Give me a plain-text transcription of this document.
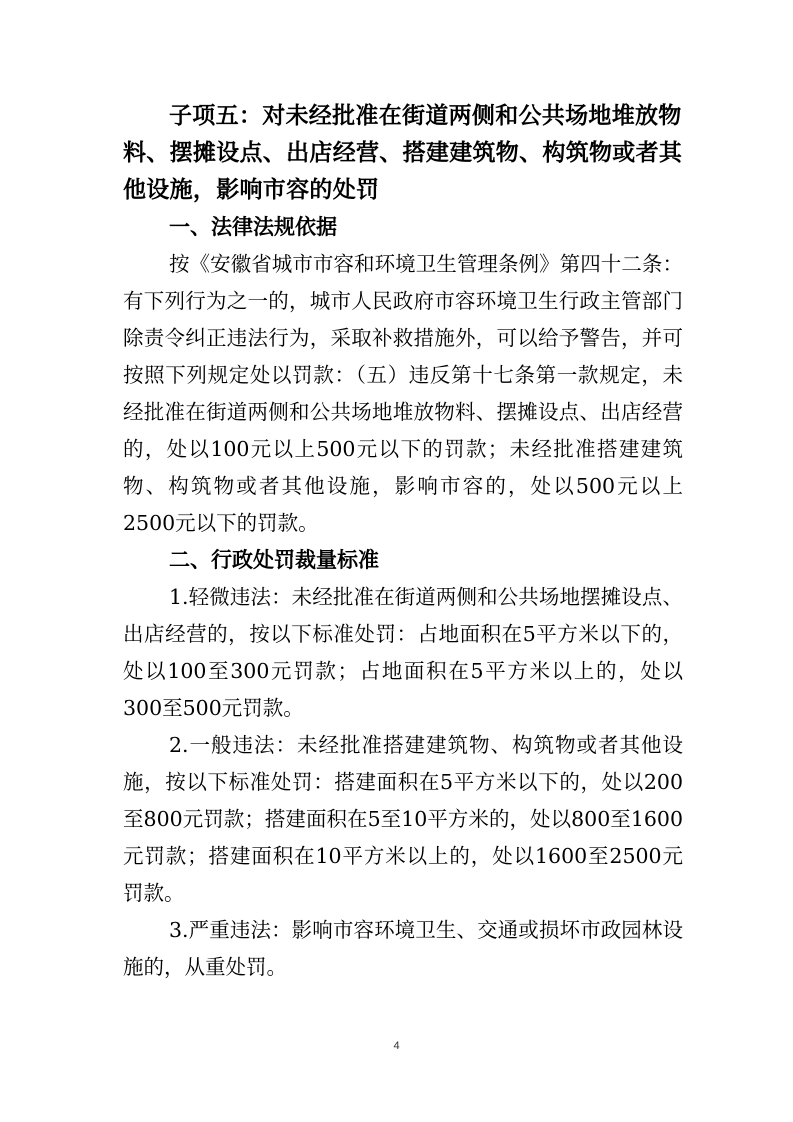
子项五：对未经批准在街道两侧和公共场地堆放物料、摆摊设点、出店经营、搭建建筑物、构筑物或者其他设施，影响市容的处罚

一、法律法规依据

按《安徽省城市市容和环境卫生管理条例》第四十二条：有下列行为之一的，城市人民政府市容环境卫生行政主管部门除责令纠正违法行为，采取补救措施外，可以给予警告，并可按照下列规定处以罚款：（五）违反第十七条第一款规定，未经批准在街道两侧和公共场地堆放物料、摆摊设点、出店经营的，处以100元以上500元以下的罚款；未经批准搭建建筑物、构筑物或者其他设施，影响市容的，处以500元以上2500元以下的罚款。

二、行政处罚裁量标准

1.轻微违法：未经批准在街道两侧和公共场地摆摊设点、出店经营的，按以下标准处罚：占地面积在5平方米以下的，处以100至300元罚款；占地面积在5平方米以上的，处以300至500元罚款。

2.一般违法：未经批准搭建建筑物、构筑物或者其他设施，按以下标准处罚：搭建面积在5平方米以下的，处以200至800元罚款；搭建面积在5至10平方米的，处以800至1600元罚款；搭建面积在10平方米以上的，处以1600至2500元罚款。

3.严重违法：影响市容环境卫生、交通或损坏市政园林设施的，从重处罚。

4
